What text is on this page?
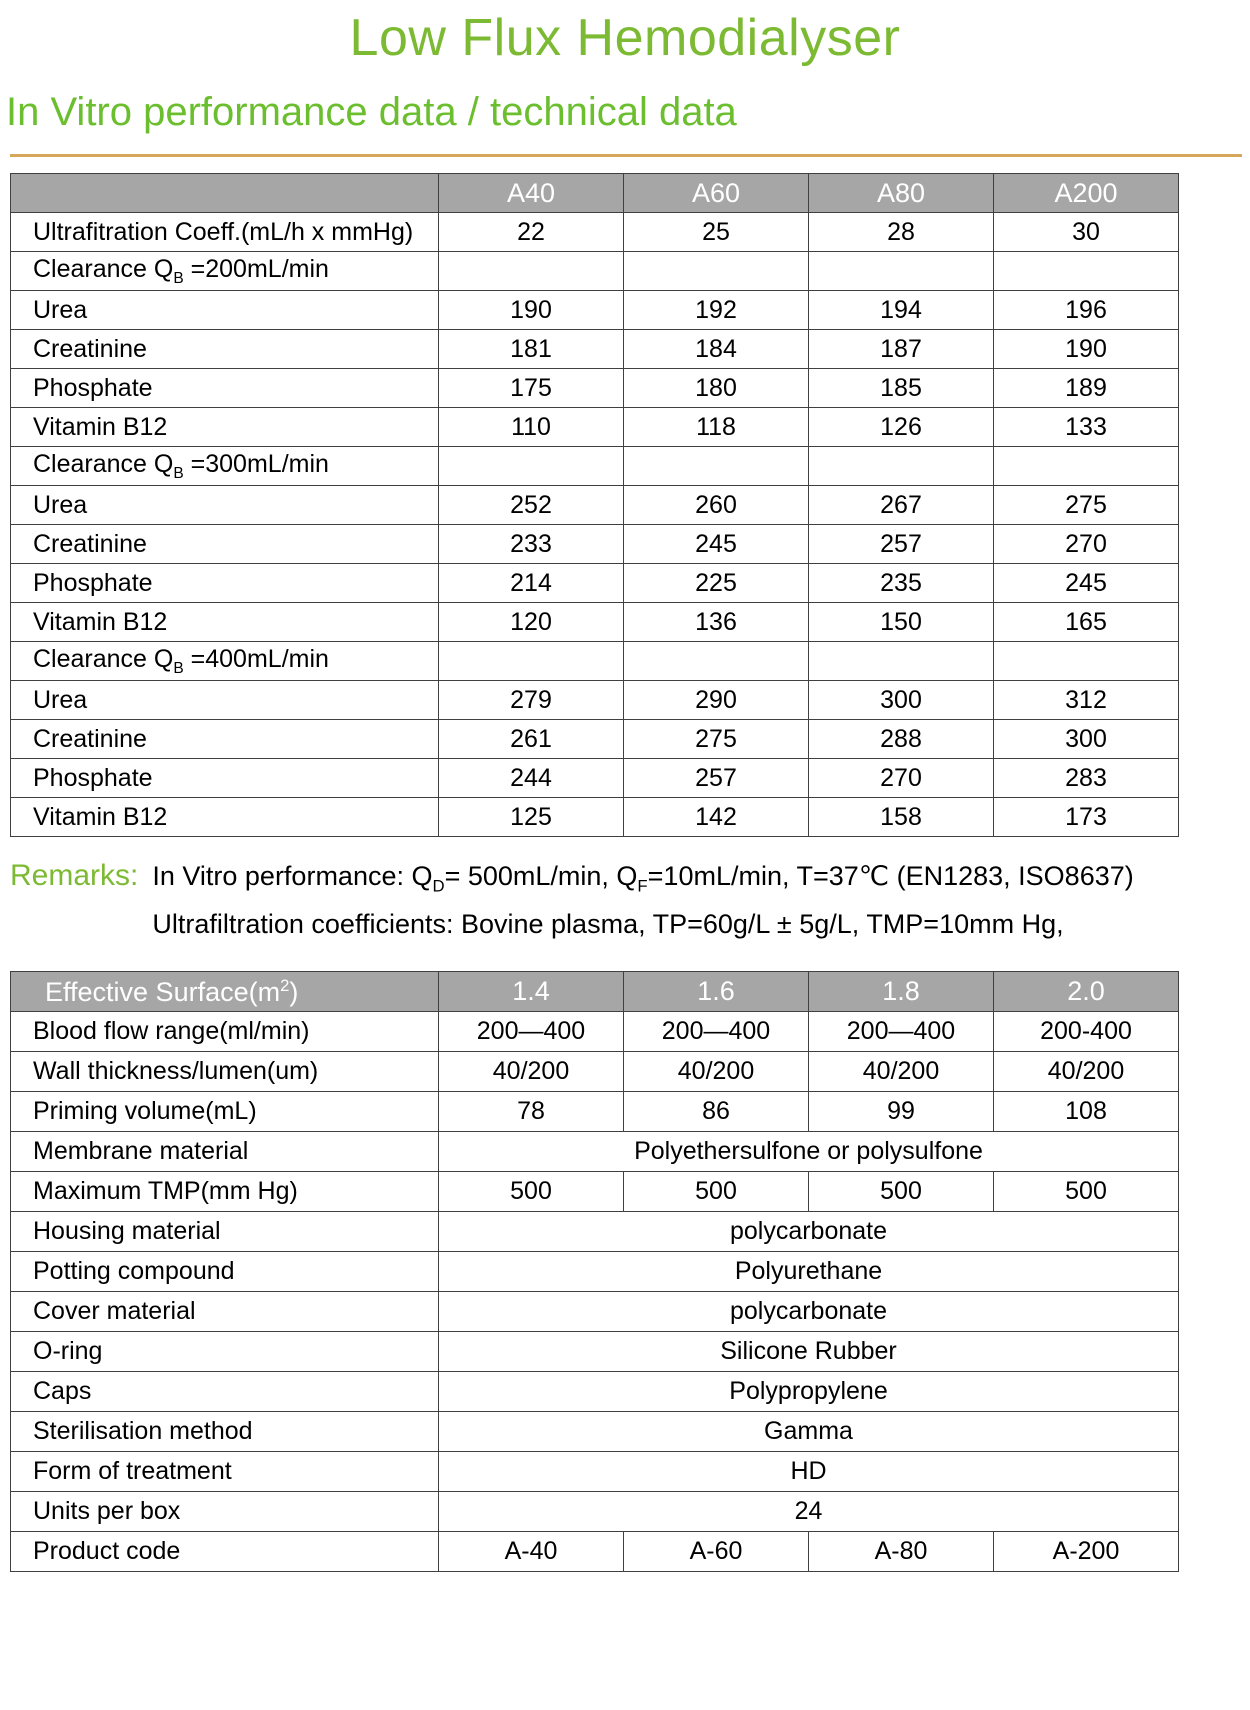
Low Flux Hemodialyser
In Vitro performance data / technical data
	A40	A60	A80	A200
Ultrafitration Coeff.(mL/h x mmHg)	22	25	28	30
Clearance $Q_B =200mL/\min$				
Urea	190	192	194	196
Creatinine	181	184	187	190
Phosphate	175	180	185	189
Vitamin B12	110	118	126	133
Clearance $Q_B =300mL/\min$				
Urea	252	260	267	275
Creatinine	233	245	257	270
Phosphate	214	225	235	245
Vitamin B12	120	136	150	165
Clearance $Q_B =400mL/\min$				
Urea	279	290	300	312
Creatinine	261	275	288	300
Phosphate	244	257	270	283
Vitamin B12	125	142	158	173
Remarks: In Vitro performance: $Q_D= 500mL/\min$, $Q_F=10mL/\min$, T=37℃ (EN1283, ISO8637)
Ultrafiltration coefficients: Bovine plasma, TP=60g/L ± 5g/L, TMP=10mm Hg,
Effective $Surface(m^2)$	1.4	1.6	1.8	2.0
Blood flow range(ml/min)	200—400	200—400	200—400	200-400
Wall thickness/lumen(um)	40/200	40/200	40/200	40/200
Priming volume(mL)	78	86	99	108
Membrane material	Polyethersulfone or polysulfone			
Maximum TMP(mm Hg)	500	500	500	500
Housing material	polycarbonate			
Potting compound	Polyurethane			
Cover material	polycarbonate			
O-ring	Silicone Rubber			
Caps	Polypropylene			
Sterilisation method	Gamma			
Form of treatment	HD			
Units per box	24			
Product code	A-40	A-60	A-80	A-200
